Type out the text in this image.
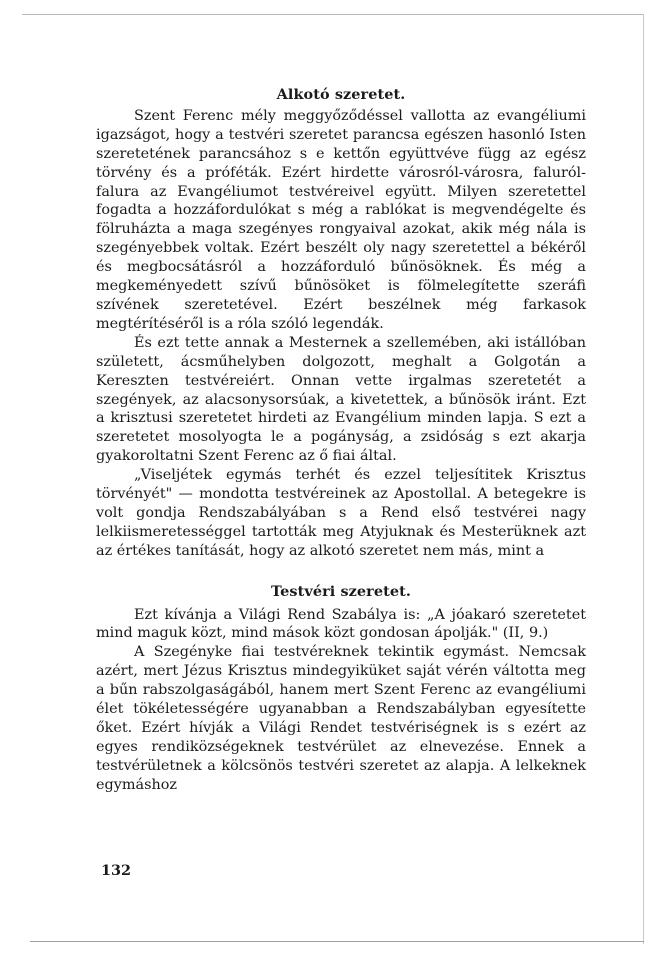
Alkotó szeretet.

Szent Ferenc mély meggyőződéssel vallotta az evangéliumi igazságot, hogy a testvéri szeretet parancsa egészen hasonló Isten szeretetének parancsához s e kettőn együttvéve függ az egész törvény és a próféták. Ezért hirdette városról-városra, faluról-falura az Evangéliumot testvéreivel együtt. Milyen szeretettel fogadta a hozzáfordulókat s még a rablókat is megvendégelte és fölruházta a maga szegényes rongyaival azokat, akik még nála is szegényebbek voltak. Ezért beszélt oly nagy szeretettel a békéről és megbocsátásról a hozzáforduló bűnösöknek. És még a megkeményedett szívű bűnösöket is fölmelegítette szeráfi szívének szeretetével. Ezért beszélnek még farkasok megtérítéséről is a róla szóló legendák.

És ezt tette annak a Mesternek a szellemében, aki istállóban született, ácsműhelyben dolgozott, meghalt a Golgotán a Kereszten testvéreiért. Onnan vette irgalmas szeretetét a szegények, az alacsonysorsúak, a kivetettek, a bűnösök iránt. Ezt a krisztusi szeretetet hirdeti az Evangélium minden lapja. S ezt a szeretetet mosolyogta le a pogányság, a zsidóság s ezt akarja gyakoroltatni Szent Ferenc az ő fiai által.

„Viseljétek egymás terhét és ezzel teljesítitek Krisztus törvényét" — mondotta testvéreinek az Apostollal. A betegekre is volt gondja Rendszabályában s a Rend első testvérei nagy lelkiismeretességgel tartották meg Atyjuknak és Mesterüknek azt az értékes tanítását, hogy az alkotó szeretet nem más, mint a

Testvéri szeretet.

Ezt kívánja a Világi Rend Szabálya is: „A jóakaró szeretetet mind maguk közt, mind mások közt gondosan ápolják." (II, 9.)

A Szegényke fiai testvéreknek tekintik egymást. Nemcsak azért, mert Jézus Krisztus mindegyiküket saját vérén váltotta meg a bűn rabszolgaságából, hanem mert Szent Ferenc az evangéliumi élet tökéletességére ugyanabban a Rendszabályban egyesítette őket. Ezért hívják a Világi Rendet testvériségnek is s ezért az egyes rendiközségeknek testvérület az elnevezése. Ennek a testvérületnek a kölcsönös testvéri szeretet az alapja. A lelkeknek egymáshoz

132
